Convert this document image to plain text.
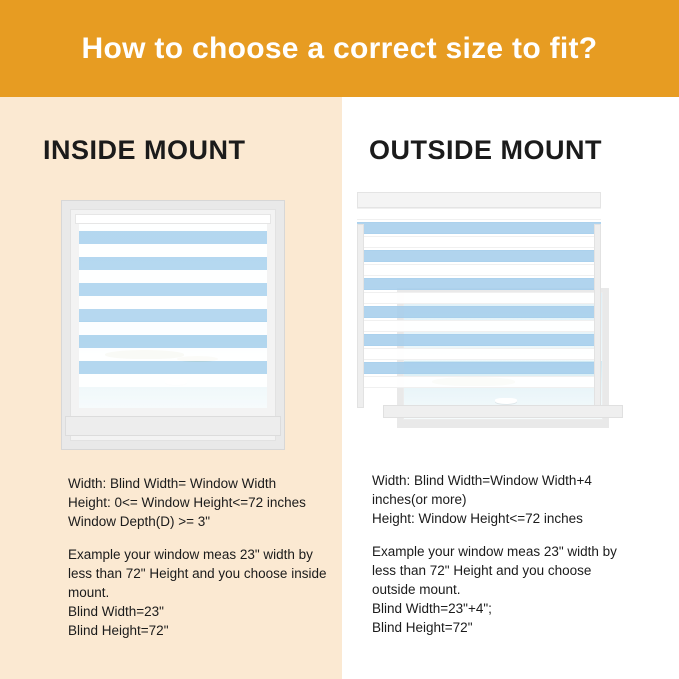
How to choose a correct size to fit?
INSIDE MOUNT

Width: Blind Width= Window Width
Height: 0<= Window Height<=72 inches
Window Depth(D) >= 3"

Example your window meas 23" width by
less than 72" Height and you choose inside
mount.
Blind Width=23"
Blind Height=72"

OUTSIDE MOUNT

Width: Blind Width=Window Width+4
inches(or more)
Height: Window Height<=72 inches

Example your window meas 23" width by
less than 72" Height and you choose
outside mount.
Blind Width=23"+4";
Blind Height=72"
